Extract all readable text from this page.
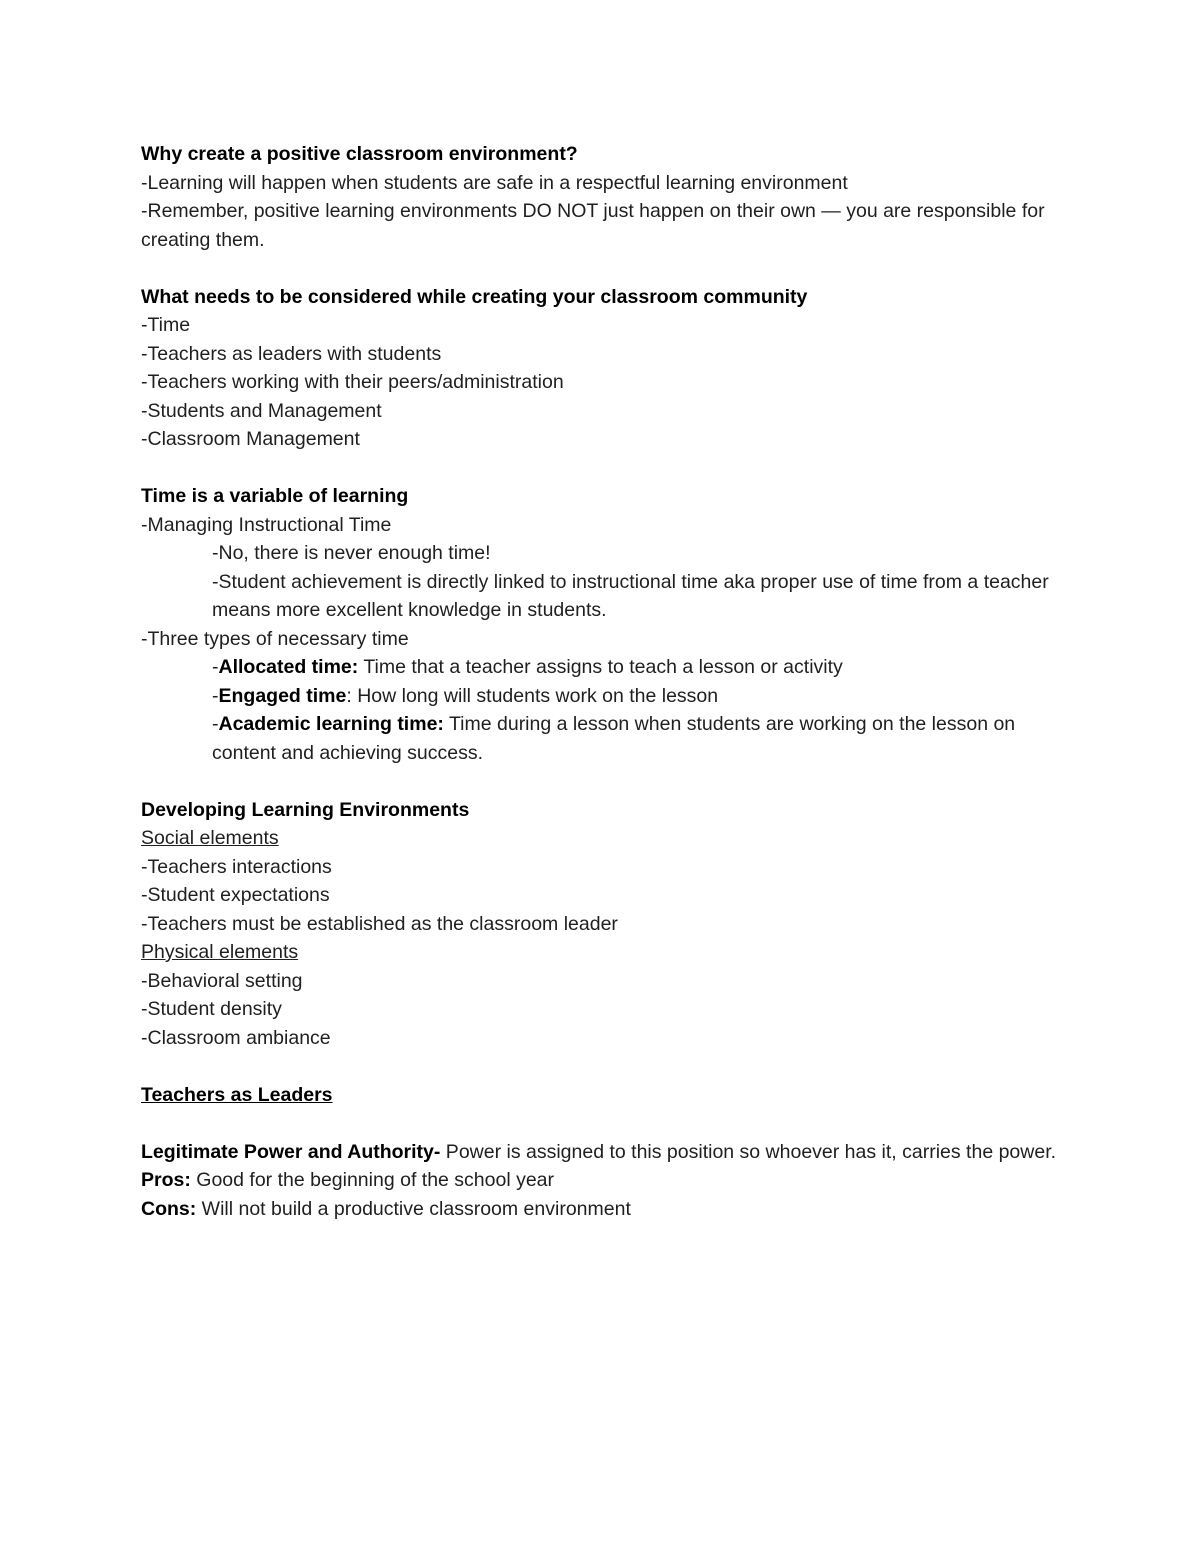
Why create a positive classroom environment?
-Learning will happen when students are safe in a respectful learning environment
-Remember, positive learning environments DO NOT just happen on their own — you are responsible for creating them.
What needs to be considered while creating your classroom community
-Time
-Teachers as leaders with students
-Teachers working with their peers/administration
-Students and Management
-Classroom Management
Time is a variable of learning
-Managing Instructional Time
-No, there is never enough time!
-Student achievement is directly linked to instructional time aka proper use of time from a teacher means more excellent knowledge in students.
-Three types of necessary time
-Allocated time: Time that a teacher assigns to teach a lesson or activity
-Engaged time: How long will students work on the lesson
-Academic learning time: Time during a lesson when students are working on the lesson on content and achieving success.
Developing Learning Environments
Social elements
-Teachers interactions
-Student expectations
-Teachers must be established as the classroom leader
Physical elements
-Behavioral setting
-Student density
-Classroom ambiance
Teachers as Leaders
Legitimate Power and Authority- Power is assigned to this position so whoever has it, carries the power.
Pros: Good for the beginning of the school year
Cons: Will not build a productive classroom environment
